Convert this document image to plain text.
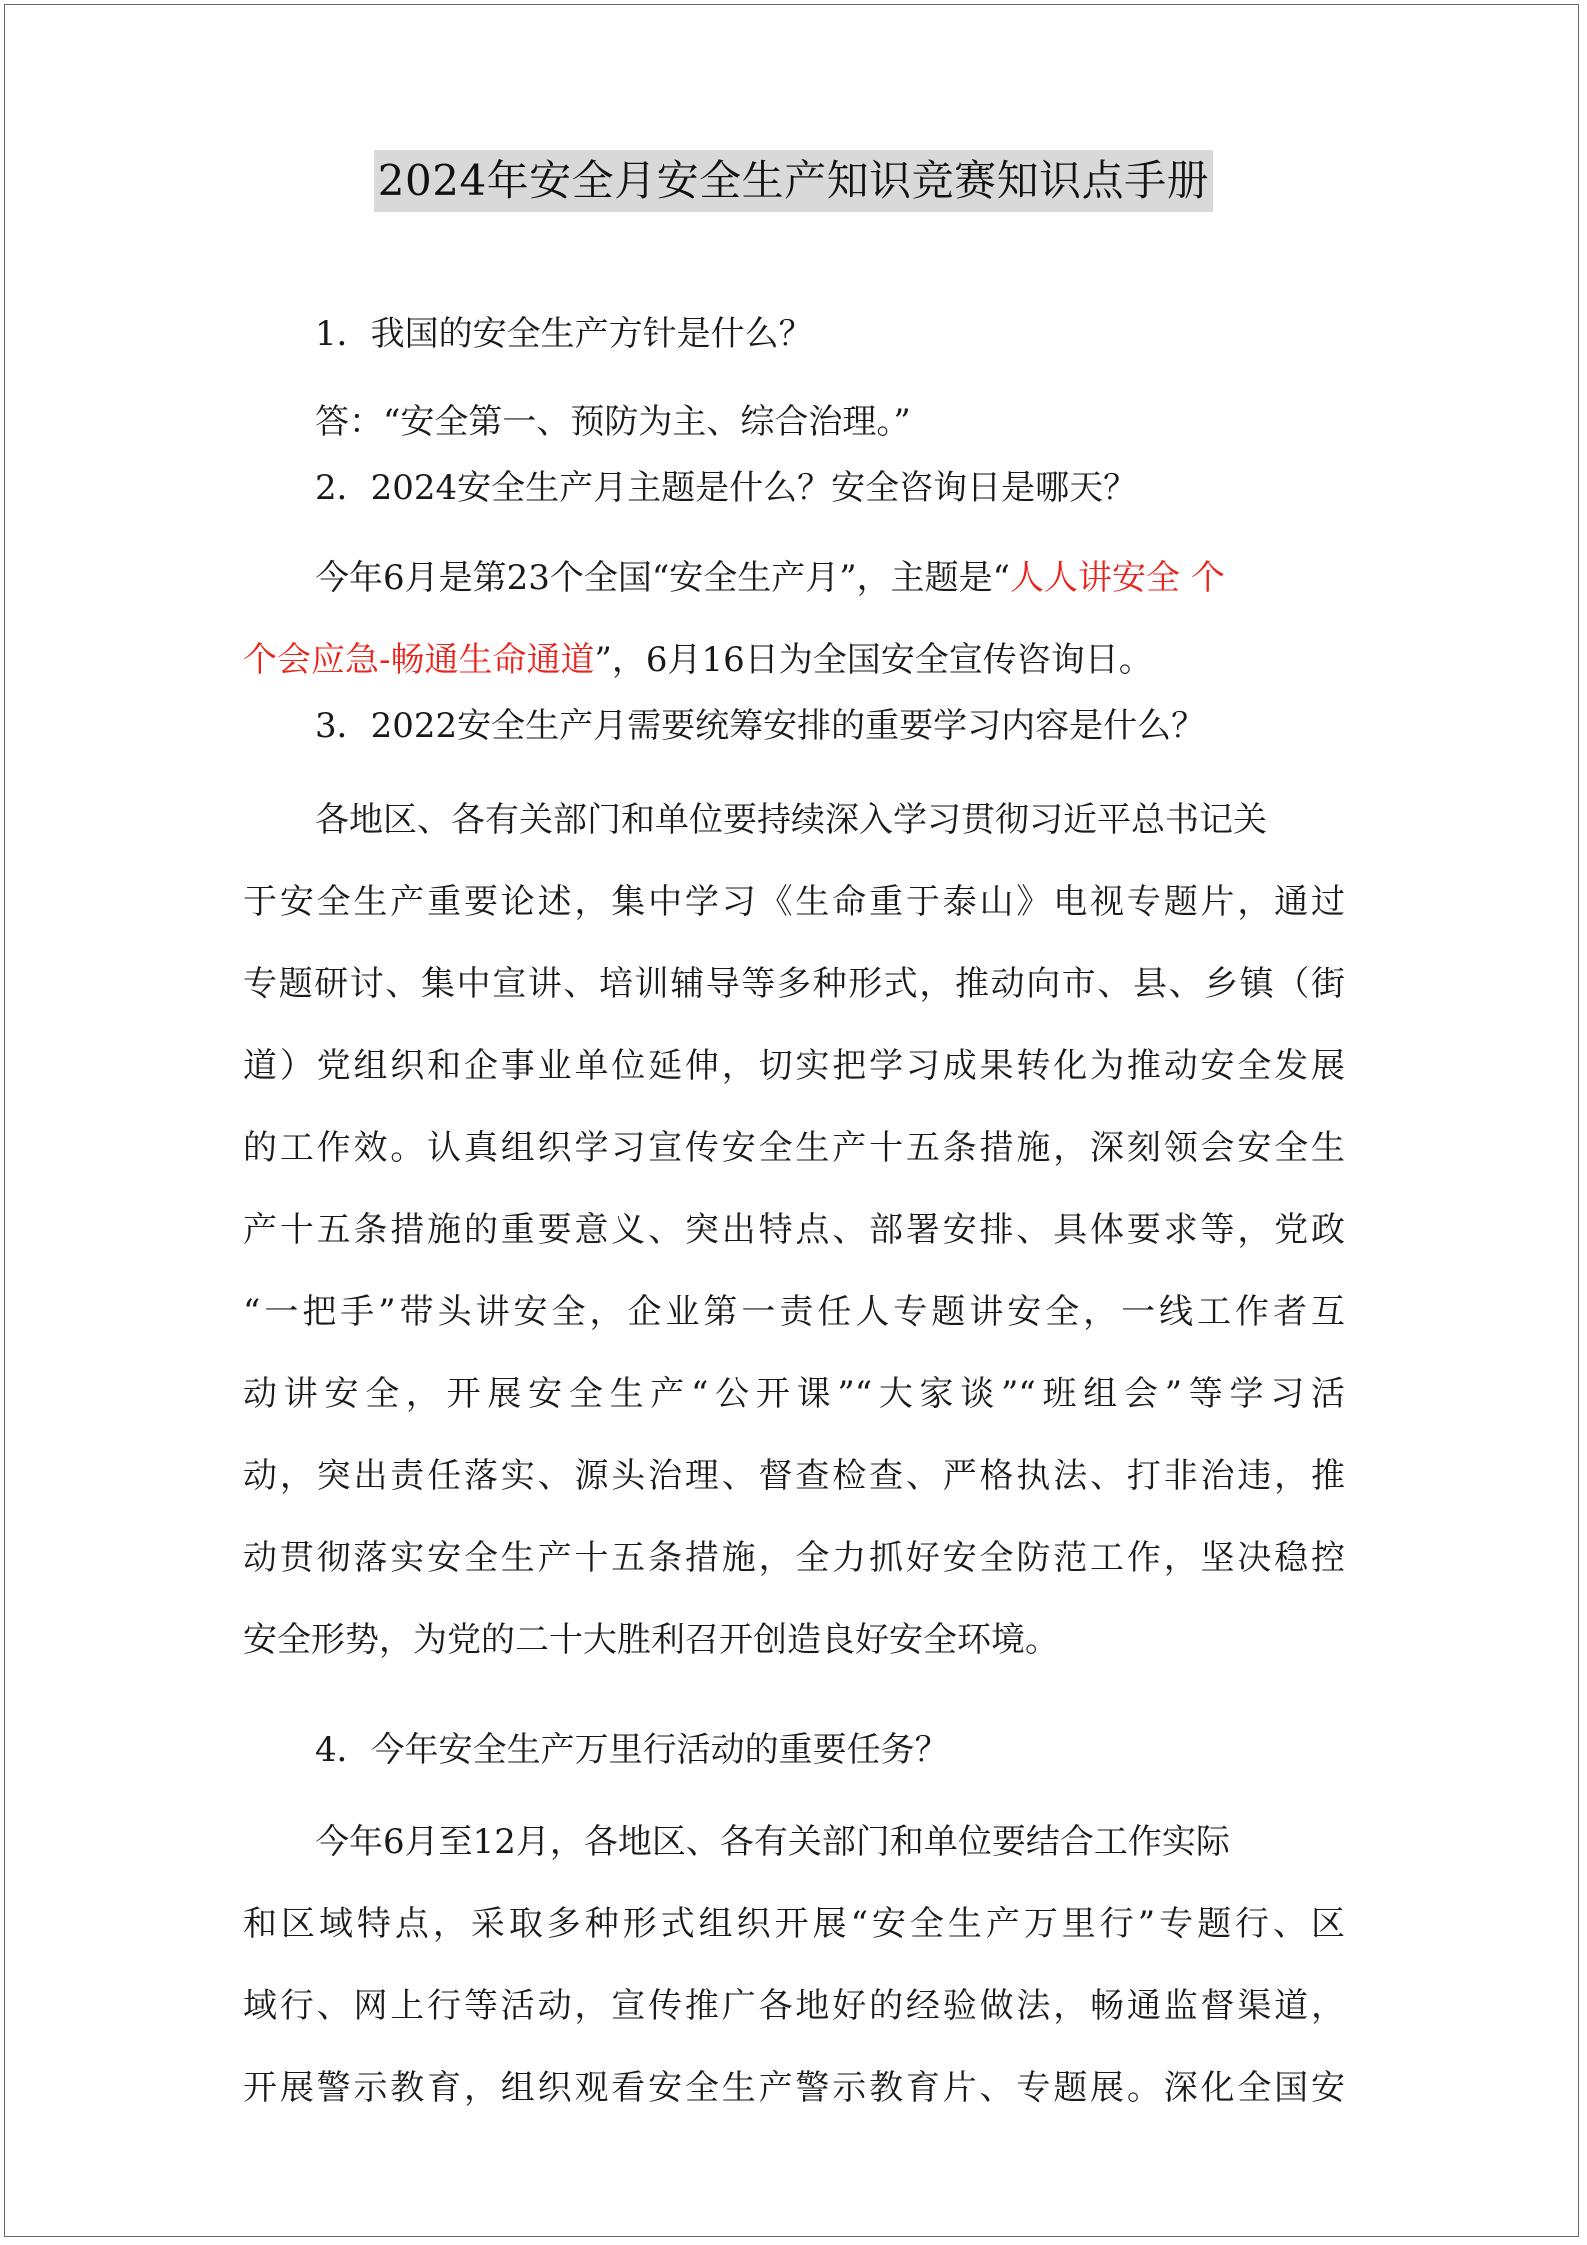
2024年安全月安全生产知识竞赛知识点手册
1．我国的安全生产方针是什么？
答：“安全第一、预防为主、综合治理。”
2．2024安全生产月主题是什么？安全咨询日是哪天？
今年6月是第23个全国“安全生产月”，主题是“人人讲安全 个
个会应急-畅通生命通道”，6月16日为全国安全宣传咨询日。
3．2022安全生产月需要统筹安排的重要学习内容是什么？
各地区、各有关部门和单位要持续深入学习贯彻习近平总书记关
于安全生产重要论述，集中学习《生命重于泰山》电视专题片，通过
专题研讨、集中宣讲、培训辅导等多种形式，推动向市、县、乡镇（街
道）党组织和企事业单位延伸，切实把学习成果转化为推动安全发展
的工作效。认真组织学习宣传安全生产十五条措施，深刻领会安全生
产十五条措施的重要意义、突出特点、部署安排、具体要求等，党政
“一把手”带头讲安全，企业第一责任人专题讲安全，一线工作者互
动讲安全，开展安全生产“公开课”“大家谈”“班组会”等学习活
动，突出责任落实、源头治理、督查检查、严格执法、打非治违，推
动贯彻落实安全生产十五条措施，全力抓好安全防范工作，坚决稳控
安全形势，为党的二十大胜利召开创造良好安全环境。
4．今年安全生产万里行活动的重要任务？
今年6月至12月，各地区、各有关部门和单位要结合工作实际
和区域特点，采取多种形式组织开展“安全生产万里行”专题行、区
域行、网上行等活动，宣传推广各地好的经验做法，畅通监督渠道，
开展警示教育，组织观看安全生产警示教育片、专题展。深化全国安
